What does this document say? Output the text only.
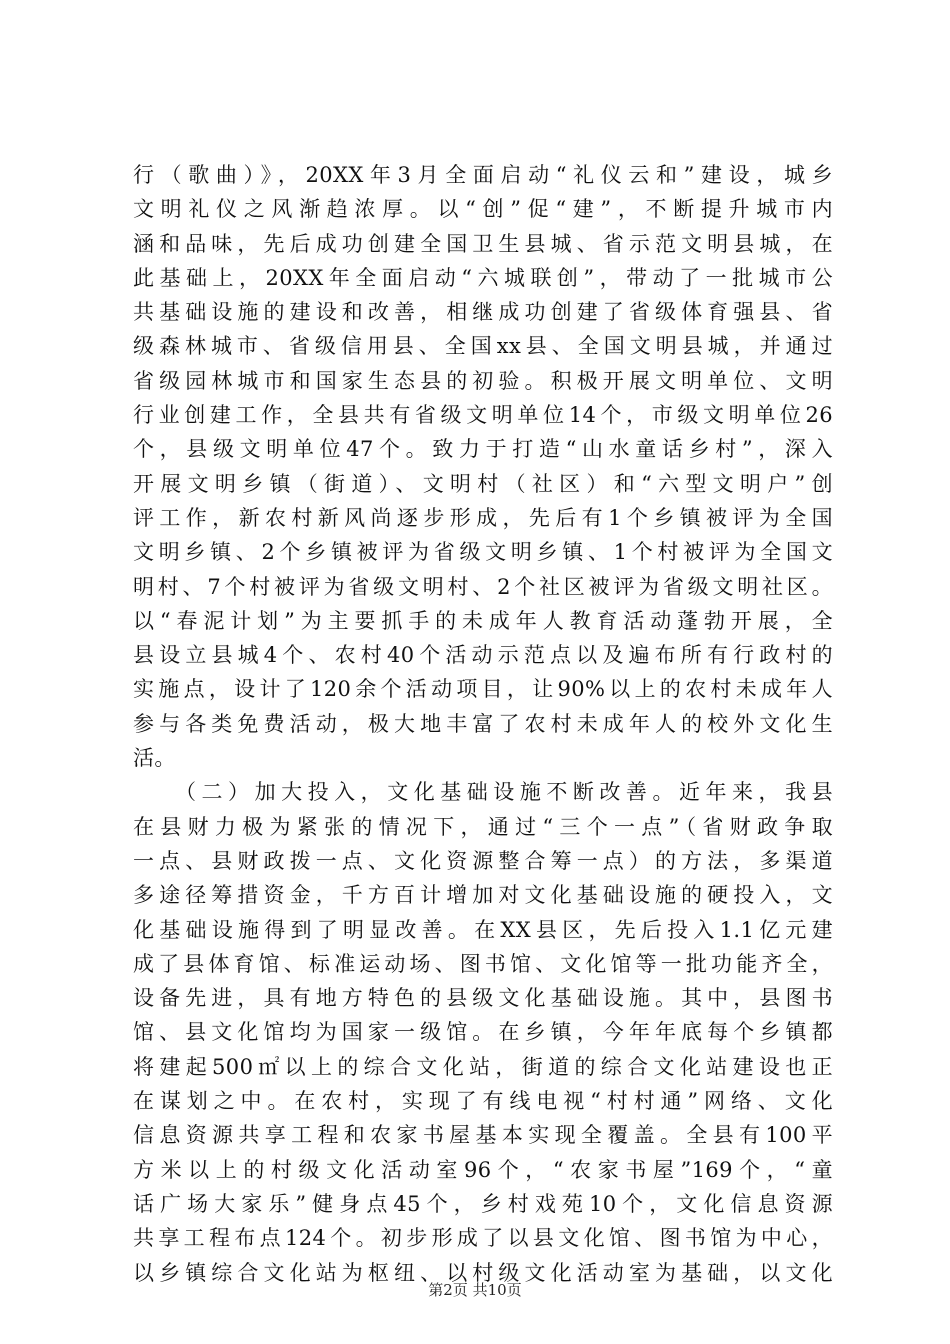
行（歌曲）》，20XX年3月全面启动“礼仪云和”建设，城乡
文明礼仪之风渐趋浓厚。以“创”促“建”，不断提升城市内
涵和品味，先后成功创建全国卫生县城、省示范文明县城，在
此基础上，20XX年全面启动“六城联创”，带动了一批城市公
共基础设施的建设和改善，相继成功创建了省级体育强县、省
级森林城市、省级信用县、全国xx县、全国文明县城，并通过
省级园林城市和国家生态县的初验。积极开展文明单位、文明
行业创建工作，全县共有省级文明单位14个，市级文明单位26
个，县级文明单位47个。致力于打造“山水童话乡村”，深入
开展文明乡镇（街道）、文明村（社区）和“六型文明户”创
评工作，新农村新风尚逐步形成，先后有1个乡镇被评为全国
文明乡镇、2个乡镇被评为省级文明乡镇、1个村被评为全国文
明村、7个村被评为省级文明村、2个社区被评为省级文明社区。
以“春泥计划”为主要抓手的未成年人教育活动蓬勃开展，全
县设立县城4个、农村40个活动示范点以及遍布所有行政村的
实施点，设计了120余个活动项目，让90%以上的农村未成年人
参与各类免费活动，极大地丰富了农村未成年人的校外文化生
活。
（二）加大投入，文化基础设施不断改善。近年来，我县
在县财力极为紧张的情况下，通过“三个一点”（省财政争取
一点、县财政拨一点、文化资源整合筹一点）的方法，多渠道
多途径筹措资金，千方百计增加对文化基础设施的硬投入，文
化基础设施得到了明显改善。在XX县区，先后投入1.1亿元建
成了县体育馆、标准运动场、图书馆、文化馆等一批功能齐全，
设备先进，具有地方特色的县级文化基础设施。其中，县图书
馆、县文化馆均为国家一级馆。在乡镇，今年年底每个乡镇都
将建起500㎡以上的综合文化站，街道的综合文化站建设也正
在谋划之中。在农村，实现了有线电视“村村通”网络、文化
信息资源共享工程和农家书屋基本实现全覆盖。全县有100平
方米以上的村级文化活动室96个，“农家书屋”169个，“童
话广场大家乐”健身点45个，乡村戏苑10个，文化信息资源
共享工程布点124个。初步形成了以县文化馆、图书馆为中心，
以乡镇综合文化站为枢纽、以村级文化活动室为基础，以文化
第2页 共10页
